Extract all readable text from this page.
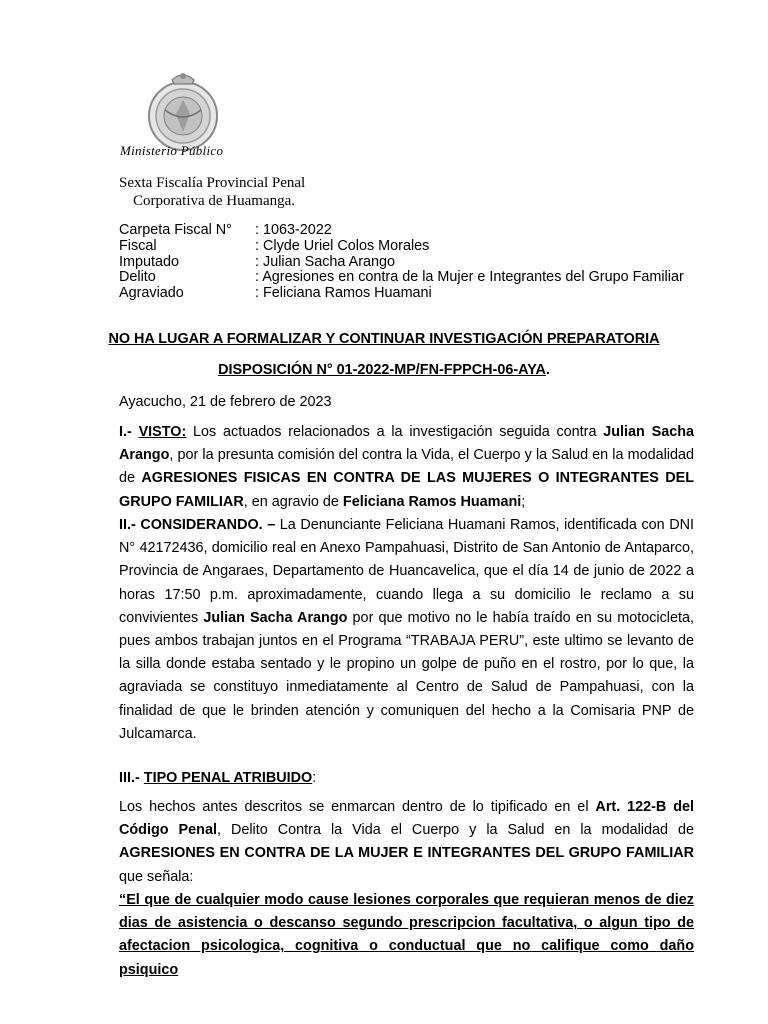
Ministerio Público
Sexta Fiscalía Provincial Penal
Corporativa de Huamanga.
Carpeta Fiscal N°	: 1063-2022
Fiscal	: Clyde Uriel Colos Morales
Imputado	: Julian Sacha Arango
Delito	: Agresiones en contra de la Mujer e Integrantes del Grupo Familiar
Agraviado	: Feliciana Ramos Huamani
NO HA LUGAR A FORMALIZAR Y CONTINUAR INVESTIGACIÓN PREPARATORIA
DISPOSICIÓN N° 01-2022-MP/FN-FPPCH-06-AYA.
Ayacucho, 21 de febrero de 2023
I.- VISTO: Los actuados relacionados a la investigación seguida contra Julian Sacha Arango, por la presunta comisión del contra la Vida, el Cuerpo y la Salud en la modalidad de AGRESIONES FISICAS EN CONTRA DE LAS MUJERES O INTEGRANTES DEL GRUPO FAMILIAR, en agravio de Feliciana Ramos Huamani;
II.- CONSIDERANDO. – La Denunciante Feliciana Huamani Ramos, identificada con DNI N° 42172436, domicilio real en Anexo Pampahuasi, Distrito de San Antonio de Antaparco, Provincia de Angaraes, Departamento de Huancavelica, que el día 14 de junio de 2022 a horas 17:50 p.m. aproximadamente, cuando llega a su domicilio le reclamo a su convivientes Julian Sacha Arango por que motivo no le había traído en su motocicleta, pues ambos trabajan juntos en el Programa “TRABAJA PERU”, este ultimo se levanto de la silla donde estaba sentado y le propino un golpe de puño en el rostro, por lo que, la agraviada se constituyo inmediatamente al Centro de Salud de Pampahuasi, con la finalidad de que le brinden atención y comuniquen del hecho a la Comisaria PNP de Julcamarca.
III.- TIPO PENAL ATRIBUIDO:
Los hechos antes descritos se enmarcan dentro de lo tipificado en el Art. 122-B del Código Penal, Delito Contra la Vida el Cuerpo y la Salud en la modalidad de AGRESIONES EN CONTRA DE LA MUJER E INTEGRANTES DEL GRUPO FAMILIAR que señala:
“El que de cualquier modo cause lesiones corporales que requieran menos de diez dias de asistencia o descanso segundo prescripcion facultativa, o algun tipo de afectacion psicologica, cognitiva o conductual que no califique como daño psiquico
